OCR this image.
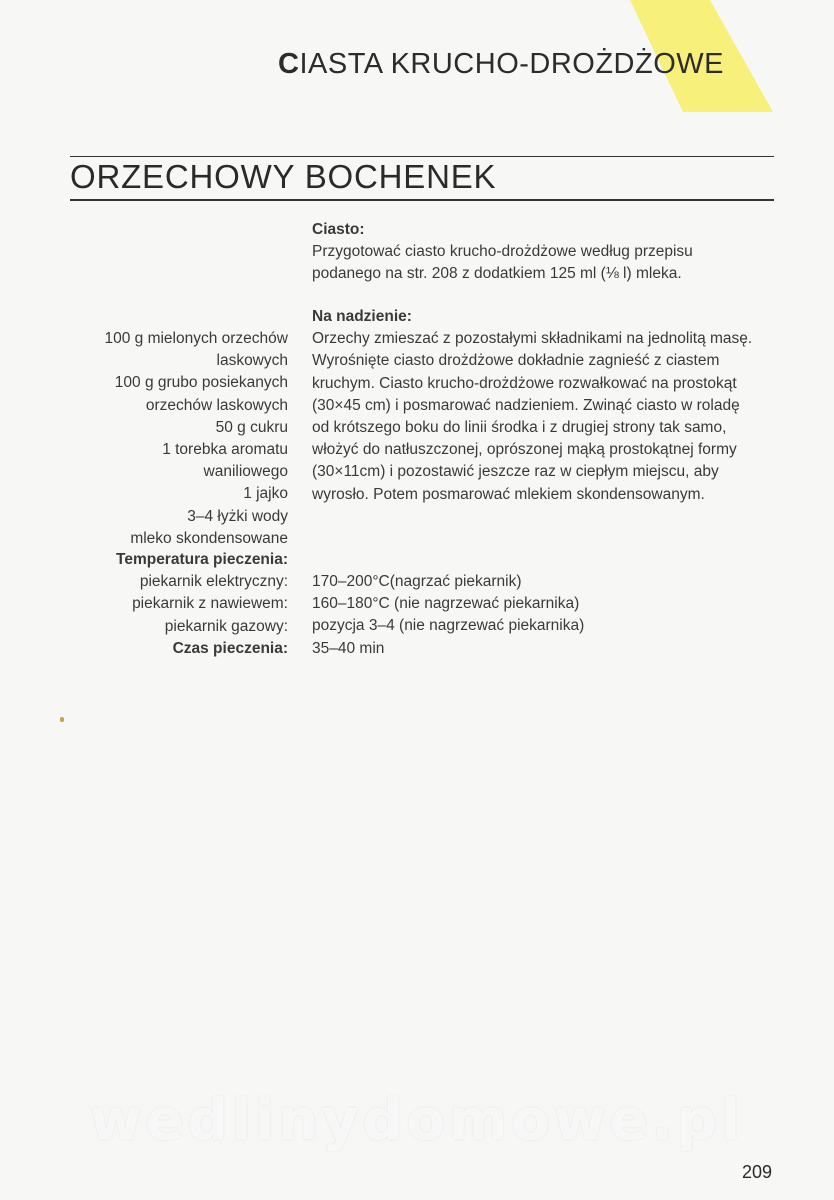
CIASTA KRUCHO-DROŻDŻOWE
ORZECHOWY BOCHENEK
Ciasto:
Przygotować ciasto krucho-drożdżowe według przepisu
podanego na str. 208 z dodatkiem 125 ml (⅛ l) mleka.
Na nadzienie:
Orzechy zmieszać z pozostałymi składnikami na jednolitą masę.
Wyrośnięte ciasto drożdżowe dokładnie zagnieść z ciastem
kruchym. Ciasto krucho-drożdżowe rozwałkować na prostokąt
(30×45 cm) i posmarować nadzieniem. Zwinąć ciasto w roladę
od krótszego boku do linii środka i z drugiej strony tak samo,
włożyć do natłuszczonej, oprószonej mąką prostokątnej formy
(30×11cm) i pozostawić jeszcze raz w ciepłym miejscu, aby
wyrosło. Potem posmarować mlekiem skondensowanym.
100 g mielonych orzechów
laskowych
100 g grubo posiekanych
orzechów laskowych
50 g cukru
1 torebka aromatu
waniliowego
1 jajko
3–4 łyżki wody
mleko skondensowane
Temperatura pieczenia:
piekarnik elektryczny:
piekarnik z nawiewem:
piekarnik gazowy:
Czas pieczenia:
170–200°C(nagrzać piekarnik)
160–180°C (nie nagrzewać piekarnika)
pozycja 3–4 (nie nagrzewać piekarnika)
35–40 min
wedlinydomowe.pl
209
